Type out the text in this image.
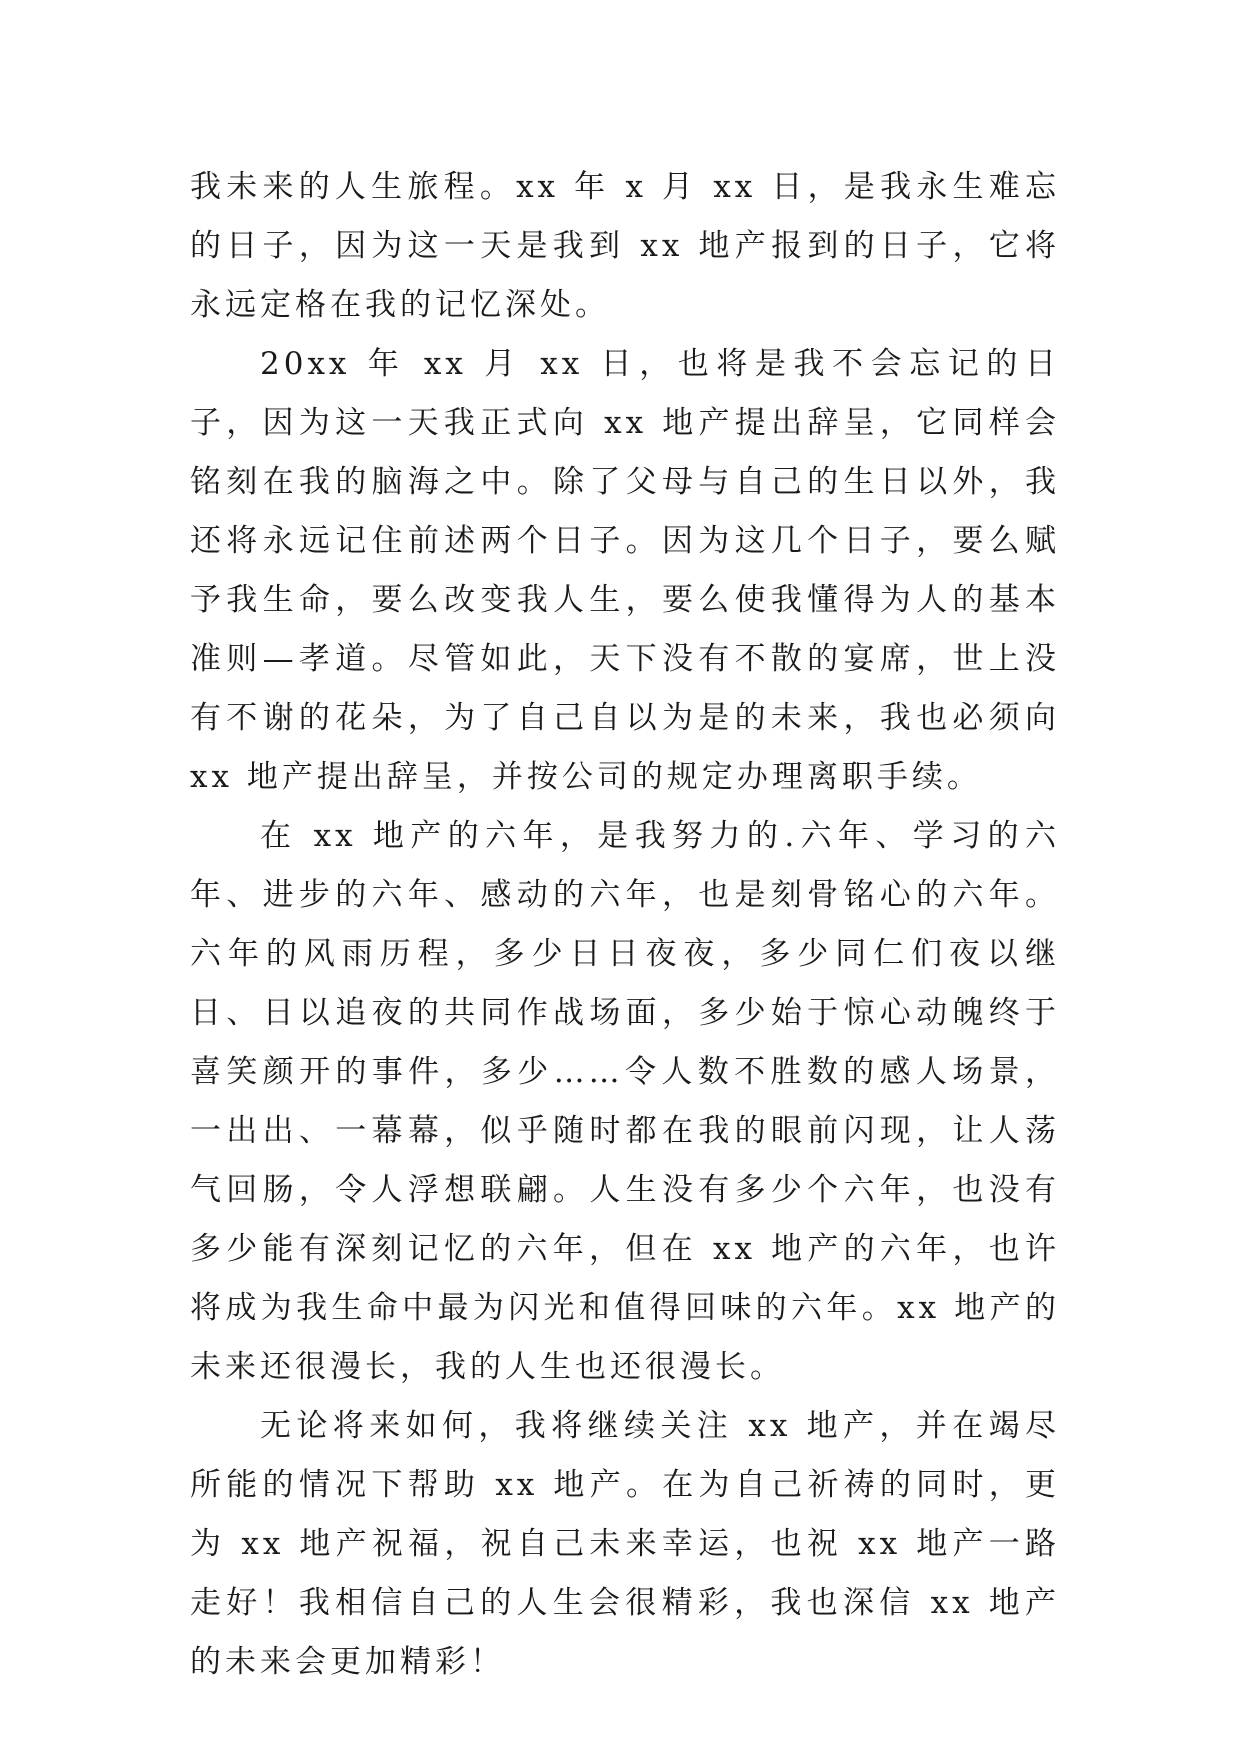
我未来的人生旅程。xx 年 x 月 xx 日，是我永生难忘的日子，因为这一天是我到 xx 地产报到的日子，它将永远定格在我的记忆深处。

20xx 年 xx 月 xx 日，也将是我不会忘记的日子，因为这一天我正式向 xx 地产提出辞呈，它同样会铭刻在我的脑海之中。除了父母与自己的生日以外，我还将永远记住前述两个日子。因为这几个日子，要么赋予我生命，要么改变我人生，要么使我懂得为人的基本准则—孝道。尽管如此，天下没有不散的宴席，世上没有不谢的花朵，为了自己自以为是的未来，我也必须向 xx 地产提出辞呈，并按公司的规定办理离职手续。

在 xx 地产的六年，是我努力的.六年、学习的六年、进步的六年、感动的六年，也是刻骨铭心的六年。六年的风雨历程，多少日日夜夜，多少同仁们夜以继日、日以追夜的共同作战场面，多少始于惊心动魄终于喜笑颜开的事件，多少……令人数不胜数的感人场景，一出出、一幕幕，似乎随时都在我的眼前闪现，让人荡气回肠，令人浮想联翩。人生没有多少个六年，也没有多少能有深刻记忆的六年，但在 xx 地产的六年，也许将成为我生命中最为闪光和值得回味的六年。xx 地产的未来还很漫长，我的人生也还很漫长。

无论将来如何，我将继续关注 xx 地产，并在竭尽所能的情况下帮助 xx 地产。在为自己祈祷的同时，更为 xx 地产祝福，祝自己未来幸运，也祝 xx 地产一路走好！我相信自己的人生会很精彩，我也深信 xx 地产的未来会更加精彩！
